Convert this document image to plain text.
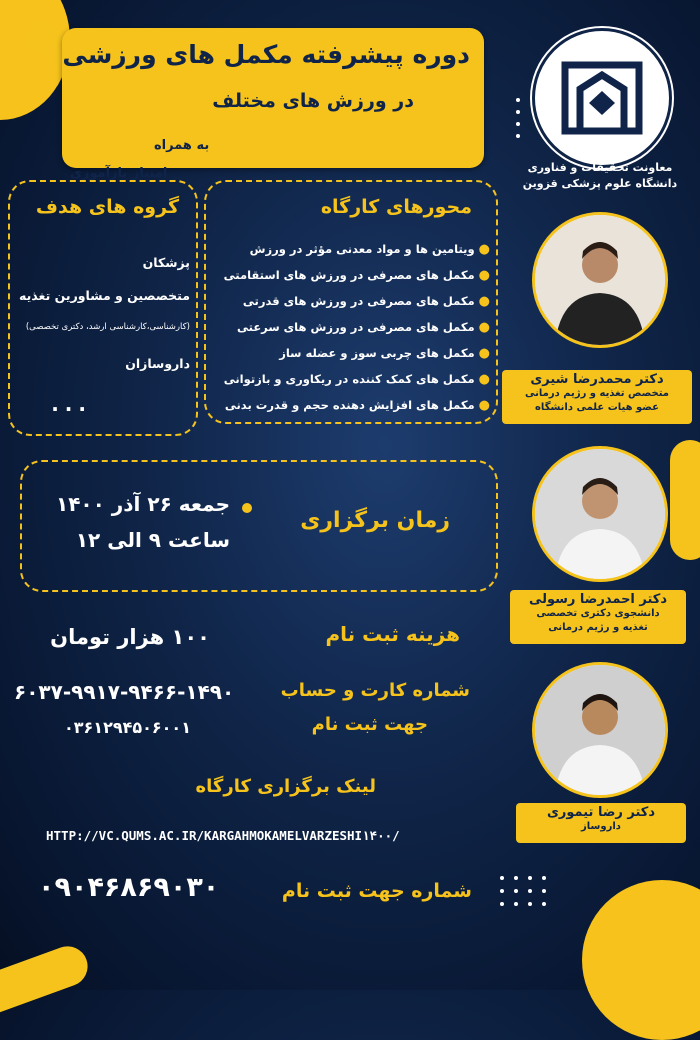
دوره پیشرفته مکمل های ورزشی
در ورزش های مختلف
به همراه
امتیاز بازآموزی	معاونت تحقیقات و فناوری
دانشگاه علوم پزشکی قزوین
محورهای کارگاه
●ویتامین ها و مواد معدنی مؤثر در ورزش
●مکمل های مصرفی در ورزش های استقامتی
●مکمل های مصرفی در ورزش های قدرتی
●مکمل های مصرفی در ورزش های سرعتی
●مکمل های چربی سوز و عضله ساز
●مکمل های کمک کننده در ریکاوری و بازتوانی
●مکمل های افزایش دهنده حجم و قدرت بدنی
گروه های هدف
پزشکان
متخصصین و مشاورین تغذیه
(کارشناسی،کارشناسی ارشد، دکتری تخصصی)
داروسازان
...
زمان برگزاری
جمعه ۲۶ آذر ۱۴۰۰
ساعت ۹ الی ۱۲
هزینه ثبت نام
۱۰۰ هزار تومان
شماره کارت و حساب
جهت ثبت نام
۶۰۳۷-۹۹۱۷-۹۴۶۶-۱۴۹۰
۰۳۶۱۲۹۴۵۰۶۰۰۱
لینک برگزاری کارگاه
HTTP://VC.QUMS.AC.IR/KARGAHMOKAMELVARZESHI۱۴۰۰/
شماره جهت ثبت نام
۰۹۰۴۶۸۶۹۰۳۰
دکتر محمدرضا شیری
متخصص تغذیه و رژیم درمانی
عضو هیات علمی دانشگاه
دکتر احمدرضا رسولی
دانشجوی دکتری تخصصی
تغذیه و رژیم درمانی
دکتر رضا تیموری
داروساز
